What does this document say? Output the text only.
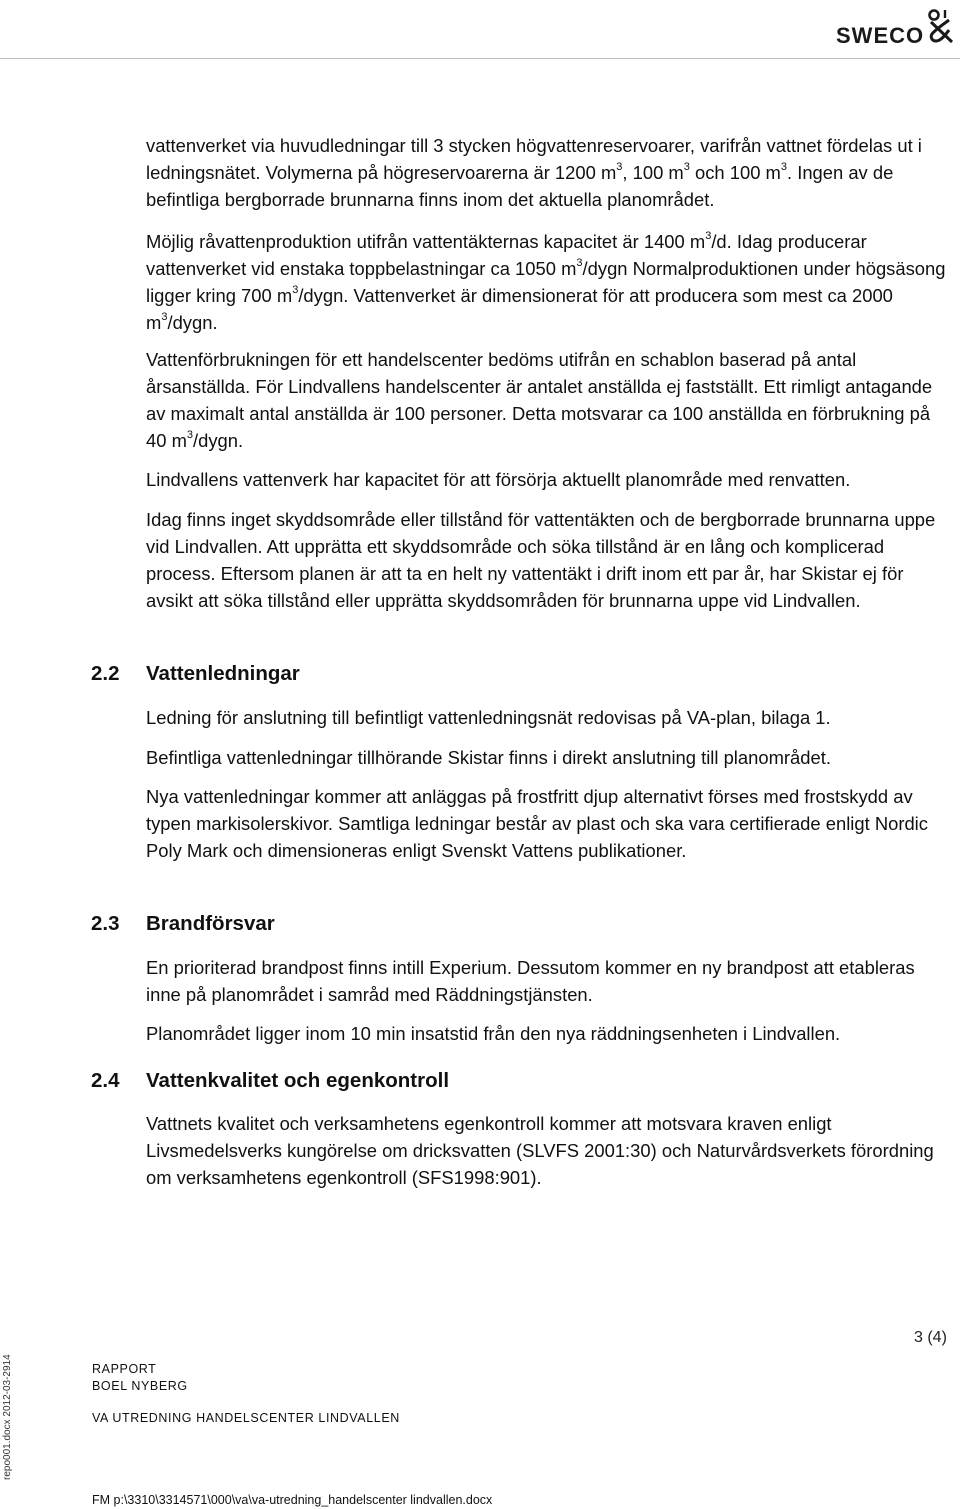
SWECO

vattenverket via huvudledningar till 3 stycken högvattenreservoarer, varifrån vattnet fördelas ut i ledningsnätet. Volymerna på högreservoarerna är 1200 $m^3$, 100 $m^3$ och 100 $m^3$. Ingen av de befintliga bergborrade brunnarna finns inom det aktuella planområdet.

Möjlig råvattenproduktion utifrån vattentäkternas kapacitet är 1400 $m^3/d$. Idag producerar vattenverket vid enstaka toppbelastningar ca 1050 $m^3$/dygn Normalproduktionen under högsäsong ligger kring 700 $m^3$/dygn. Vattenverket är dimensionerat för att producera som mest ca 2000 $m^3$/dygn.

Vattenförbrukningen för ett handelscenter bedöms utifrån en schablon baserad på antal årsanställda. För Lindvallens handelscenter är antalet anställda ej fastställt. Ett rimligt antagande av maximalt antal anställda är 100 personer. Detta motsvarar ca 100 anställda en förbrukning på 40 $m^3$/dygn.

Lindvallens vattenverk har kapacitet för att försörja aktuellt planområde med renvatten.

Idag finns inget skyddsområde eller tillstånd för vattentäkten och de bergborrade brunnarna uppe vid Lindvallen. Att upprätta ett skyddsområde och söka tillstånd är en lång och komplicerad process. Eftersom planen är att ta en helt ny vattentäkt i drift inom ett par år, har Skistar ej för avsikt att söka tillstånd eller upprätta skyddsområden för brunnarna uppe vid Lindvallen.

2.2 Vattenledningar

Ledning för anslutning till befintligt vattenledningsnät redovisas på VA-plan, bilaga 1.

Befintliga vattenledningar tillhörande Skistar finns i direkt anslutning till planområdet.

Nya vattenledningar kommer att anläggas på frostfritt djup alternativt förses med frostskydd av typen markisolerskivor. Samtliga ledningar består av plast och ska vara certifierade enligt Nordic Poly Mark och dimensioneras enligt Svenskt Vattens publikationer.

2.3 Brandförsvar

En prioriterad brandpost finns intill Experium. Dessutom kommer en ny brandpost att etableras inne på planområdet i samråd med Räddningstjänsten.

Planområdet ligger inom 10 min insatstid från den nya räddningsenheten i Lindvallen.

2.4 Vattenkvalitet och egenkontroll

Vattnets kvalitet och verksamhetens egenkontroll kommer att motsvara kraven enligt Livsmedelsverks kungörelse om dricksvatten (SLVFS 2001:30) och Naturvårdsverkets förordning om verksamhetens egenkontroll (SFS1998:901).

3 (4)
RAPPORT
BOEL NYBERG
VA UTREDNING HANDELSCENTER LINDVALLEN
FM p:\3310\3314571\000\va\va-utredning_handelscenter lindvallen.docx
repo001.docx 2012-03-2914
